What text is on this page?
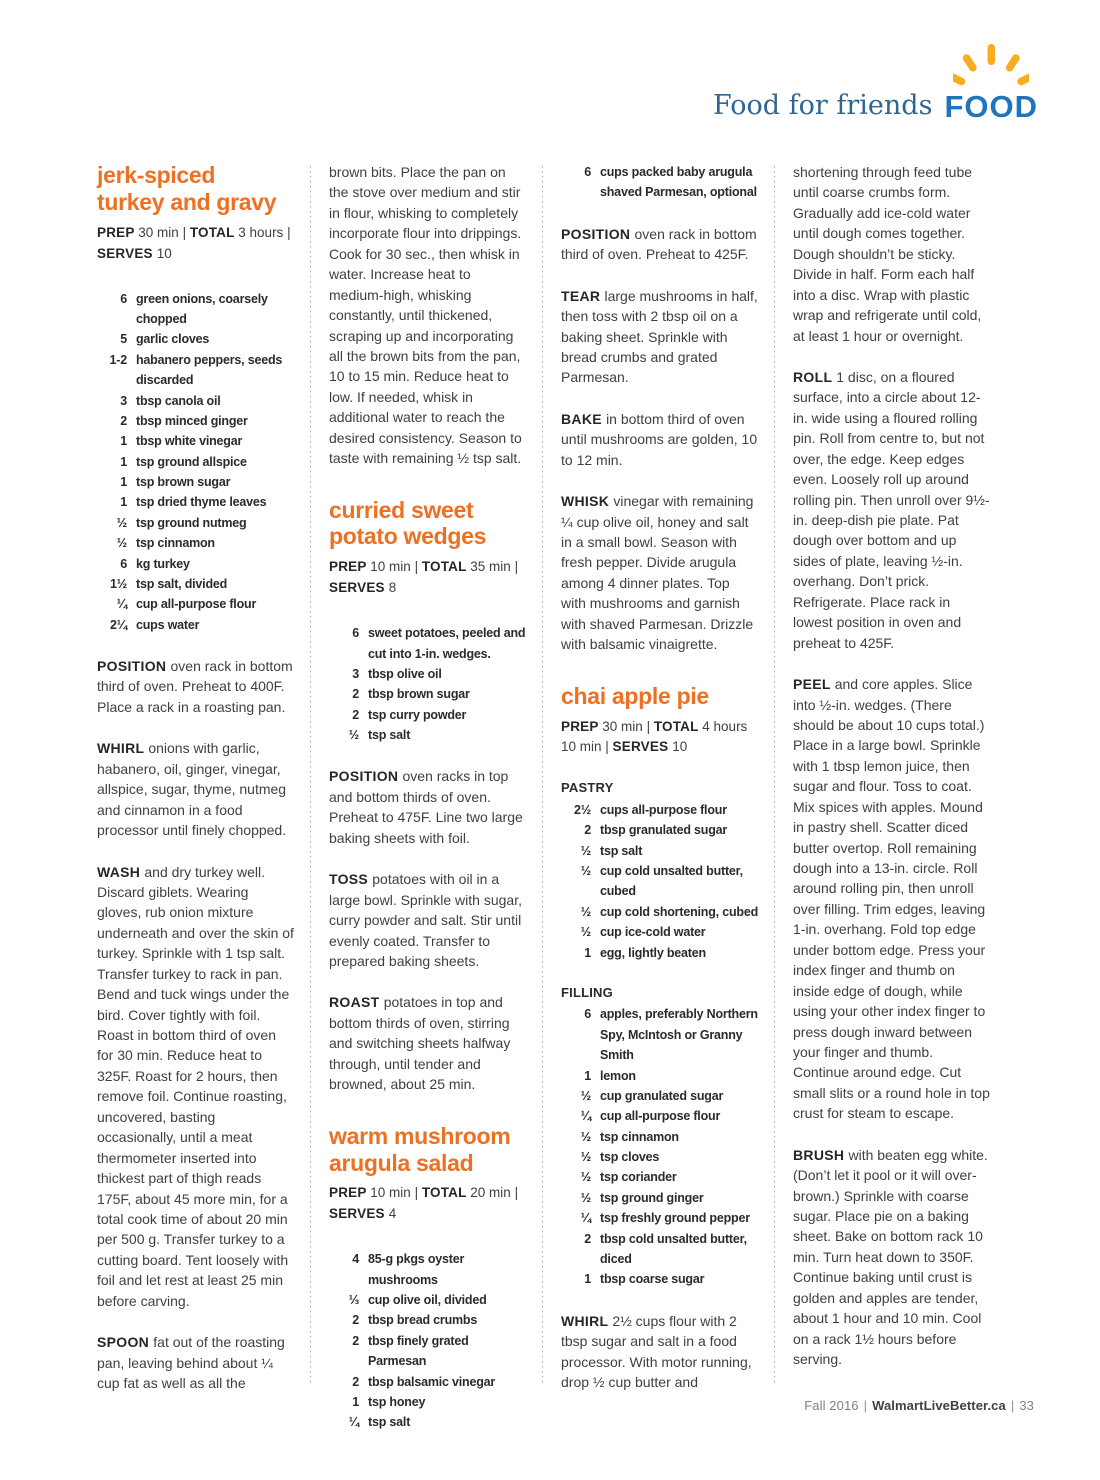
Food for friends FOOD
jerk-spiced
turkey and gravy

PREP 30 min | TOTAL 3 hours | SERVES 10

6 green onions, coarsely chopped
5 garlic cloves
1-2 habanero peppers, seeds discarded
3 tbsp canola oil
2 tbsp minced ginger
1 tbsp white vinegar
1 tsp ground allspice
1 tsp brown sugar
1 tsp dried thyme leaves
½ tsp ground nutmeg
½ tsp cinnamon
6 kg turkey
1½ tsp salt, divided
¼ cup all-purpose flour
2¼ cups water

POSITION oven rack in bottom third of oven. Preheat to 400F. Place a rack in a roasting pan.

WHIRL onions with garlic, habanero, oil, ginger, vinegar, allspice, sugar, thyme, nutmeg and cinnamon in a food processor until finely chopped.

WASH and dry turkey well. Discard giblets. Wearing gloves, rub onion mixture underneath and over the skin of turkey. Sprinkle with 1 tsp salt. Transfer turkey to rack in pan. Bend and tuck wings under the bird. Cover tightly with foil. Roast in bottom third of oven for 30 min. Reduce heat to 325F. Roast for 2 hours, then remove foil. Continue roasting, uncovered, basting occasionally, until a meat thermometer inserted into thickest part of thigh reads 175F, about 45 more min, for a total cook time of about 20 min per 500 g. Transfer turkey to a cutting board. Tent loosely with foil and let rest at least 25 min before carving.

SPOON fat out of the roasting pan, leaving behind about ¼ cup fat as well as all the

brown bits. Place the pan on the stove over medium and stir in flour, whisking to completely incorporate flour into drippings. Cook for 30 sec., then whisk in water. Increase heat to medium-high, whisking constantly, until thickened, scraping up and incorporating all the brown bits from the pan, 10 to 15 min. Reduce heat to low. If needed, whisk in additional water to reach the desired consistency. Season to taste with remaining ½ tsp salt.

curried sweet
potato wedges

PREP 10 min | TOTAL 35 min | SERVES 8

6 sweet potatoes, peeled and cut into 1-in. wedges.
3 tbsp olive oil
2 tbsp brown sugar
2 tsp curry powder
½ tsp salt

POSITION oven racks in top and bottom thirds of oven. Preheat to 475F. Line two large baking sheets with foil.

TOSS potatoes with oil in a large bowl. Sprinkle with sugar, curry powder and salt. Stir until evenly coated. Transfer to prepared baking sheets.

ROAST potatoes in top and bottom thirds of oven, stirring and switching sheets halfway through, until tender and browned, about 25 min.

warm mushroom
arugula salad

PREP 10 min | TOTAL 20 min | SERVES 4

4 85-g pkgs oyster mushrooms
⅓ cup olive oil, divided
2 tbsp bread crumbs
2 tbsp finely grated Parmesan
2 tbsp balsamic vinegar
1 tsp honey
¼ tsp salt
6 cups packed baby arugula
shaved Parmesan, optional

POSITION oven rack in bottom third of oven. Preheat to 425F.

TEAR large mushrooms in half, then toss with 2 tbsp oil on a baking sheet. Sprinkle with bread crumbs and grated Parmesan.

BAKE in bottom third of oven until mushrooms are golden, 10 to 12 min.

WHISK vinegar with remaining ¼ cup olive oil, honey and salt in a small bowl. Season with fresh pepper. Divide arugula among 4 dinner plates. Top with mushrooms and garnish with shaved Parmesan. Drizzle with balsamic vinaigrette.

chai apple pie

PREP 30 min | TOTAL 4 hours 10 min | SERVES 10

PASTRY

2½ cups all-purpose flour
2 tbsp granulated sugar
½ tsp salt
½ cup cold unsalted butter, cubed
½ cup cold shortening, cubed
½ cup ice-cold water
1 egg, lightly beaten

FILLING

6 apples, preferably Northern Spy, McIntosh or Granny Smith
1 lemon
½ cup granulated sugar
¼ cup all-purpose flour
½ tsp cinnamon
½ tsp cloves
½ tsp coriander
½ tsp ground ginger
¼ tsp freshly ground pepper
2 tbsp cold unsalted butter, diced
1 tbsp coarse sugar

WHIRL 2½ cups flour with 2 tbsp sugar and salt in a food processor. With motor running, drop ½ cup butter and

shortening through feed tube until coarse crumbs form. Gradually add ice-cold water until dough comes together. Dough shouldn’t be sticky. Divide in half. Form each half into a disc. Wrap with plastic wrap and refrigerate until cold, at least 1 hour or overnight.

ROLL 1 disc, on a floured surface, into a circle about 12-in. wide using a floured rolling pin. Roll from centre to, but not over, the edge. Keep edges even. Loosely roll up around rolling pin. Then unroll over 9½-in. deep-dish pie plate. Pat dough over bottom and up sides of plate, leaving ½-in. overhang. Don’t prick. Refrigerate. Place rack in lowest position in oven and preheat to 425F.

PEEL and core apples. Slice into ½-in. wedges. (There should be about 10 cups total.) Place in a large bowl. Sprinkle with 1 tbsp lemon juice, then sugar and flour. Toss to coat. Mix spices with apples. Mound in pastry shell. Scatter diced butter overtop. Roll remaining dough into a 13-in. circle. Roll around rolling pin, then unroll over filling. Trim edges, leaving 1-in. overhang. Fold top edge under bottom edge. Press your index finger and thumb on inside edge of dough, while using your other index finger to press dough inward between your finger and thumb. Continue around edge. Cut small slits or a round hole in top crust for steam to escape.

BRUSH with beaten egg white. (Don’t let it pool or it will over-brown.) Sprinkle with coarse sugar. Place pie on a baking sheet. Bake on bottom rack 10 min. Turn heat down to 350F. Continue baking until crust is golden and apples are tender, about 1 hour and 10 min. Cool on a rack 1½ hours before serving.

Fall 2016 | WalmartLiveBetter.ca | 33
